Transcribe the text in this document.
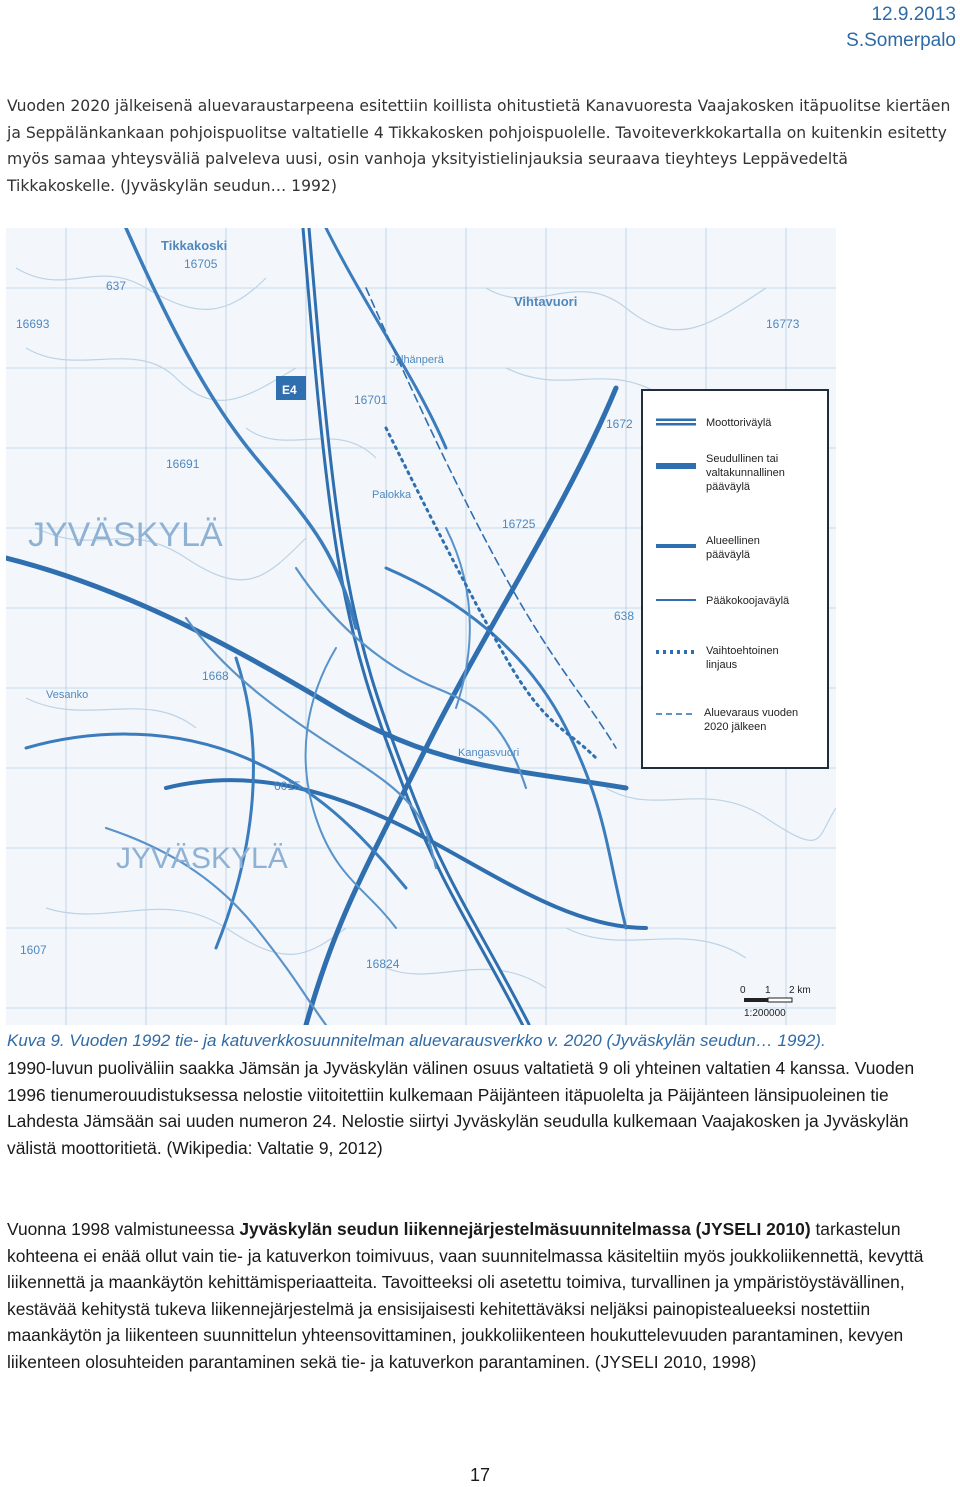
12.9.2013
S.Somerpalo

Vuoden 2020 jälkeisenä aluevaraustarpeena esitettiin koillista ohitustietä Kanavuoresta Vaajakosken itäpuolitse kiertäen ja Seppälänkankaan pohjoispuolitse valtatielle 4 Tikkakosken pohjoispuolelle. Tavoiteverkkokartalla on kuitenkin esitetty myös samaa yhteysväliä palveleva uusi, osin vanhoja yksityistielinjauksia seuraava tieyhteys Leppävedeltä Tikkakoskelle. (Jyväskylän seudun… 1992)

Tikkakoski
Vihtavuori
JYVÄSKYLÄ
JYVÄSKYLÄ
Kangasvuori
Palokka
Jylhänperä
Vesanko
16705
637
16693
16701
1672
16691
1668
6015
16824
1607
16725
638
16773
E4
Moottoriväylä
Seudullinen tai valtakunnallinen pääväylä
Alueellinen pääväylä
Pääkokoojaväylä
Vaihtoehtoinen linjaus
Aluevaraus vuoden 2020 jälkeen
0 1 2 km
1:200000
Kuva 9. Vuoden 1992 tie- ja katuverkkosuunnitelman aluevarausverkko v. 2020 (Jyväskylän seudun… 1992).

1990-luvun puoliväliin saakka Jämsän ja Jyväskylän välinen osuus valtatietä 9 oli yhteinen valtatien 4 kanssa. Vuoden 1996 tienumerouudistuksessa nelostie viitoitettiin kulkemaan Päijänteen itäpuolelta ja Päijänteen länsipuoleinen tie Lahdesta Jämsään sai uuden numeron 24. Nelostie siirtyi Jyväskylän seudulla kulkemaan Vaajakosken ja Jyväskylän välistä moottoritietä. (Wikipedia: Valtatie 9, 2012)

Vuonna 1998 valmistuneessa Jyväskylän seudun liikennejärjestelmäsuunnitelmassa (JYSELI 2010) tarkastelun kohteena ei enää ollut vain tie- ja katuverkon toimivuus, vaan suunnitelmassa käsiteltiin myös joukkoliikennettä, kevyttä liikennettä ja maankäytön kehittämisperiaatteita. Tavoitteeksi oli asetettu toimiva, turvallinen ja ympäristöystävällinen, kestävää kehitystä tukeva liikennejärjestelmä ja ensisijaisesti kehitettäväksi neljäksi painopistealueeksi nostettiin maankäytön ja liikenteen suunnittelun yhteensovittaminen, joukkoliikenteen houkuttelevuuden parantaminen, kevyen liikenteen olosuhteiden parantaminen sekä tie- ja katuverkon parantaminen. (JYSELI 2010, 1998)

17
